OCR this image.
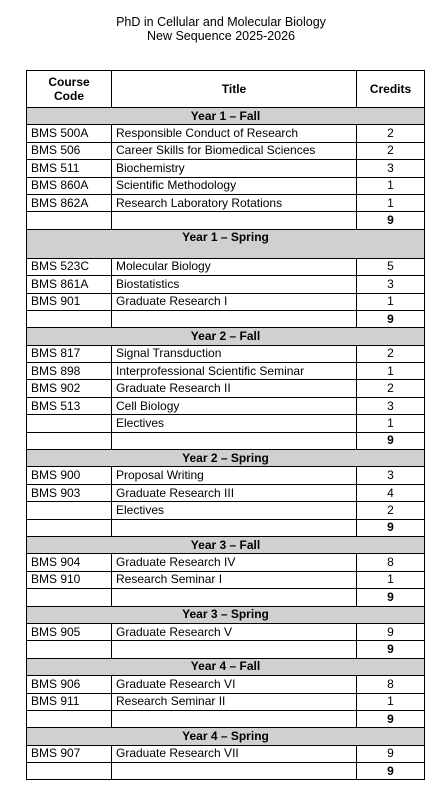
PhD in Cellular and Molecular Biology
New Sequence 2025-2026
Course
Code	Title	Credits
Year 1 – Fall		
BMS 500A	Responsible Conduct of Research	2
BMS 506	Career Skills for Biomedical Sciences	2
BMS 511	Biochemistry	3
BMS 860A	Scientific Methodology	1
BMS 862A	Research Laboratory Rotations	1
		9
Year 1 – Spring		
BMS 523C	Molecular Biology	5
BMS 861A	Biostatistics	3
BMS 901	Graduate Research I	1
		9
Year 2 – Fall		
BMS 817	Signal Transduction	2
BMS 898	Interprofessional Scientific Seminar	1
BMS 902	Graduate Research II	2
BMS 513	Cell Biology	3
	Electives	1
		9
Year 2 – Spring		
BMS 900	Proposal Writing	3
BMS 903	Graduate Research III	4
	Electives	2
		9
Year 3 – Fall		
BMS 904	Graduate Research IV	8
BMS 910	Research Seminar I	1
		9
Year 3 – Spring		
BMS 905	Graduate Research V	9
		9
Year 4 – Fall		
BMS 906	Graduate Research VI	8
BMS 911	Research Seminar II	1
		9
Year 4 – Spring		
BMS 907	Graduate Research VII	9
		9
